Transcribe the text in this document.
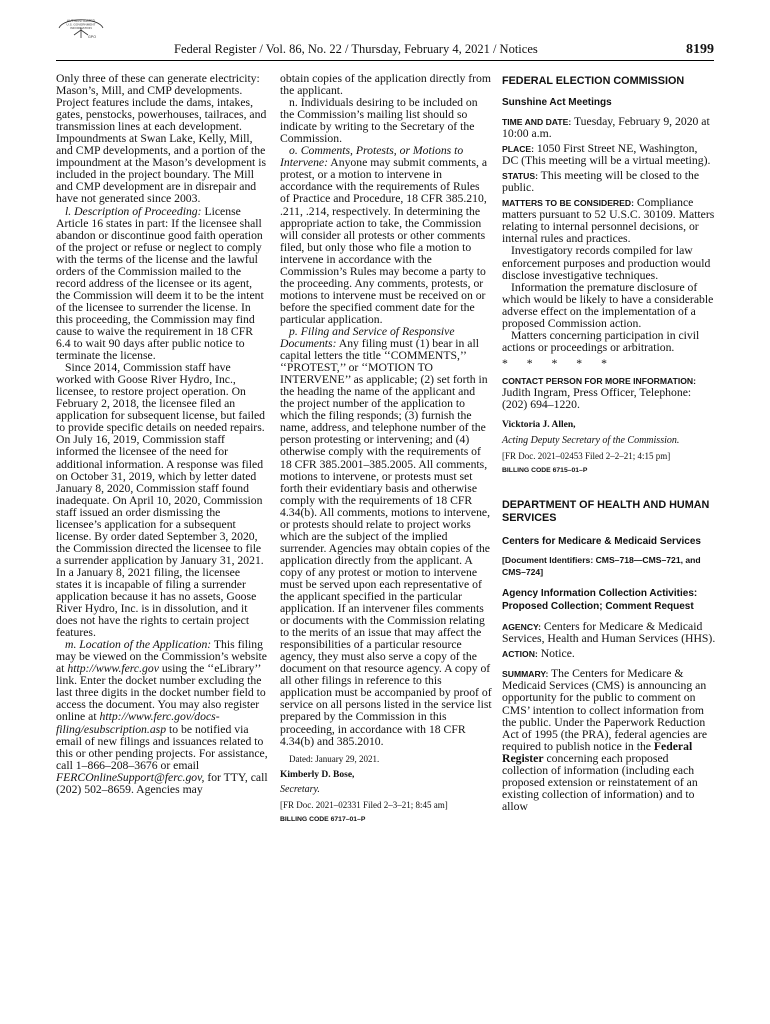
AUTHENTICATED
U.S. GOVERNMENT
INFORMATION
GPO
Federal Register / Vol. 86, No. 22 / Thursday, February 4, 2021 / Notices	8199

Only three of these can generate electricity: Mason’s, Mill, and CMP developments. Project features include the dams, intakes, gates, penstocks, powerhouses, tailraces, and transmission lines at each development. Impoundments at Swan Lake, Kelly, Mill, and CMP developments, and a portion of the impoundment at the Mason’s development is included in the project boundary. The Mill and CMP development are in disrepair and have not generated since 2003.

l. Description of Proceeding: License Article 16 states in part: If the licensee shall abandon or discontinue good faith operation of the project or refuse or neglect to comply with the terms of the license and the lawful orders of the Commission mailed to the record address of the licensee or its agent, the Commission will deem it to be the intent of the licensee to surrender the license. In this proceeding, the Commission may find cause to waive the requirement in 18 CFR 6.4 to wait 90 days after public notice to terminate the license.

Since 2014, Commission staff have worked with Goose River Hydro, Inc., licensee, to restore project operation. On February 2, 2018, the licensee filed an application for subsequent license, but failed to provide specific details on needed repairs. On July 16, 2019, Commission staff informed the licensee of the need for additional information. A response was filed on October 31, 2019, which by letter dated January 8, 2020, Commission staff found inadequate. On April 10, 2020, Commission staff issued an order dismissing the licensee’s application for a subsequent license. By order dated September 3, 2020, the Commission directed the licensee to file a surrender application by January 31, 2021. In a January 8, 2021 filing, the licensee states it is incapable of filing a surrender application because it has no assets, Goose River Hydro, Inc. is in dissolution, and it does not have the rights to certain project features.

m. Location of the Application: This filing may be viewed on the Commission’s website at http://www.ferc.gov using the ‘‘eLibrary’’ link. Enter the docket number excluding the last three digits in the docket number field to access the document. You may also register online at http://www.ferc.gov/docs-filing/esubscription.asp to be notified via email of new filings and issuances related to this or other pending projects. For assistance, call 1–866–208–3676 or email FERCOnlineSupport@ferc.gov, for TTY, call (202) 502–8659. Agencies may

obtain copies of the application directly from the applicant.

n. Individuals desiring to be included on the Commission’s mailing list should so indicate by writing to the Secretary of the Commission.

o. Comments, Protests, or Motions to Intervene: Anyone may submit comments, a protest, or a motion to intervene in accordance with the requirements of Rules of Practice and Procedure, 18 CFR 385.210, .211, .214, respectively. In determining the appropriate action to take, the Commission will consider all protests or other comments filed, but only those who file a motion to intervene in accordance with the Commission’s Rules may become a party to the proceeding. Any comments, protests, or motions to intervene must be received on or before the specified comment date for the particular application.

p. Filing and Service of Responsive Documents: Any filing must (1) bear in all capital letters the title ‘‘COMMENTS,’’ ‘‘PROTEST,’’ or ‘‘MOTION TO INTERVENE’’ as applicable; (2) set forth in the heading the name of the applicant and the project number of the application to which the filing responds; (3) furnish the name, address, and telephone number of the person protesting or intervening; and (4) otherwise comply with the requirements of 18 CFR 385.2001–385.2005. All comments, motions to intervene, or protests must set forth their evidentiary basis and otherwise comply with the requirements of 18 CFR 4.34(b). All comments, motions to intervene, or protests should relate to project works which are the subject of the implied surrender. Agencies may obtain copies of the application directly from the applicant. A copy of any protest or motion to intervene must be served upon each representative of the applicant specified in the particular application. If an intervener files comments or documents with the Commission relating to the merits of an issue that may affect the responsibilities of a particular resource agency, they must also serve a copy of the document on that resource agency. A copy of all other filings in reference to this application must be accompanied by proof of service on all persons listed in the service list prepared by the Commission in this proceeding, in accordance with 18 CFR 4.34(b) and 385.2010.

Dated: January 29, 2021.

Kimberly D. Bose,

Secretary.

[FR Doc. 2021–02331 Filed 2–3–21; 8:45 am]

BILLING CODE 6717–01–P

FEDERAL ELECTION COMMISSION

Sunshine Act Meetings

TIME AND DATE: Tuesday, February 9, 2020 at 10:00 a.m.

PLACE: 1050 First Street NE, Washington, DC (This meeting will be a virtual meeting).

STATUS: This meeting will be closed to the public.

MATTERS TO BE CONSIDERED: Compliance matters pursuant to 52 U.S.C. 30109. Matters relating to internal personnel decisions, or internal rules and practices.

Investigatory records compiled for law enforcement purposes and production would disclose investigative techniques.

Information the premature disclosure of which would be likely to have a considerable adverse effect on the implementation of a proposed Commission action.

Matters concerning participation in civil actions or proceedings or arbitration.

* * * * *

CONTACT PERSON FOR MORE INFORMATION:

Judith Ingram, Press Officer, Telephone: (202) 694–1220.

Vicktoria J. Allen,

Acting Deputy Secretary of the Commission.

[FR Doc. 2021–02453 Filed 2–2–21; 4:15 pm]

BILLING CODE 6715–01–P

DEPARTMENT OF HEALTH AND HUMAN SERVICES

Centers for Medicare & Medicaid Services

[Document Identifiers: CMS–718—CMS–721, and CMS–724]

Agency Information Collection Activities: Proposed Collection; Comment Request

AGENCY: Centers for Medicare & Medicaid Services, Health and Human Services (HHS).

ACTION: Notice.

SUMMARY: The Centers for Medicare & Medicaid Services (CMS) is announcing an opportunity for the public to comment on CMS’ intention to collect information from the public. Under the Paperwork Reduction Act of 1995 (the PRA), federal agencies are required to publish notice in the Federal Register concerning each proposed collection of information (including each proposed extension or reinstatement of an existing collection of information) and to allow
